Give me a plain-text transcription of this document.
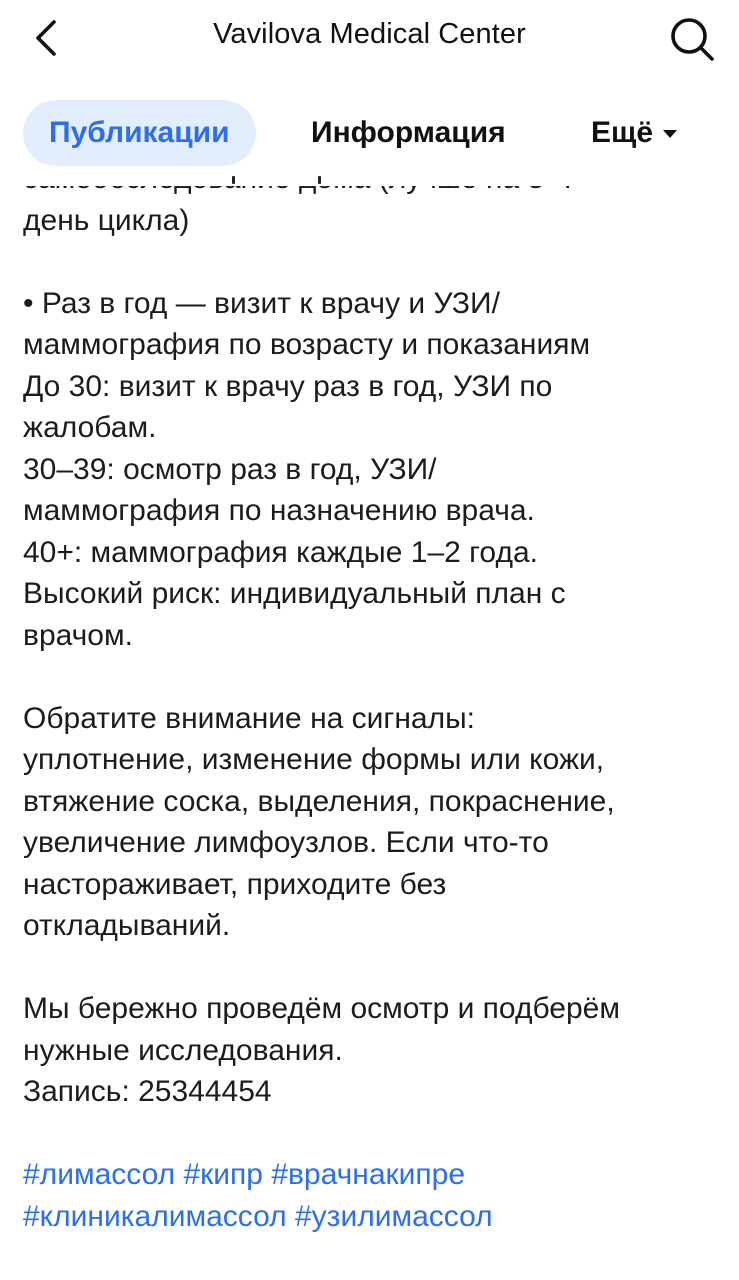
Vavilova Medical Center
Публикации	Информация	Ещё

день цикла)

• Раз в год — визит к врачу и УЗИ/

маммография по возрасту и показаниям

До 30: визит к врачу раз в год, УЗИ по

жалобам.

30–39: осмотр раз в год, УЗИ/

маммография по назначению врача.

40+: маммография каждые 1–2 года.

Высокий риск: индивидуальный план с

врачом.

Обратите внимание на сигналы:

уплотнение, изменение формы или кожи,

втяжение соска, выделения, покраснение,

увеличение лимфоузлов. Если что-то

настораживает, приходите без

откладываний.

Мы бережно проведём осмотр и подберём

нужные исследования.

Запись: 25344454

#лимассол #кипр #врачнакипре
#клиникалимассол #узилимассол
